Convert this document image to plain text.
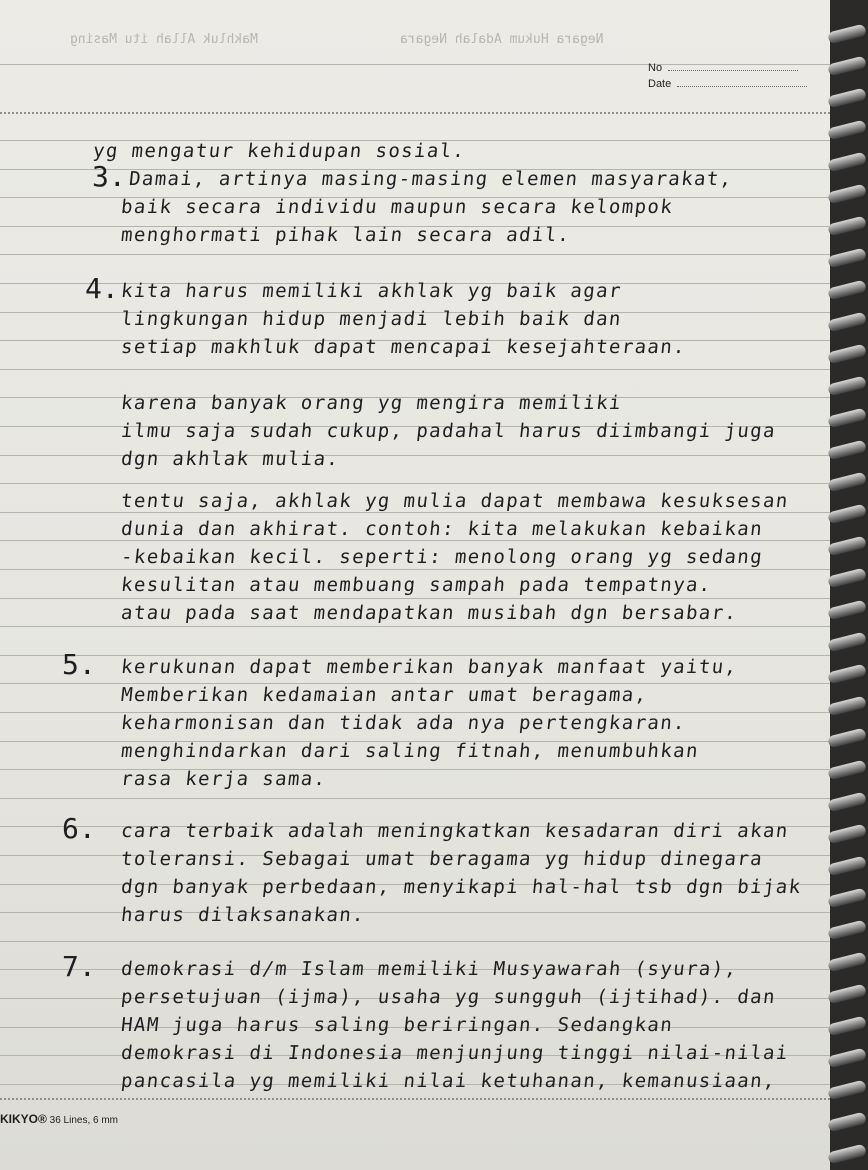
Negara Hukum Adalah Negara
Makhluk Allah itu Masing
No
Date
yg mengatur kehidupan sosial.
3. Damai, artinya masing-masing elemen masyarakat,
baik secara individu maupun secara kelompok
menghormati pihak lain secara adil.
4. kita harus memiliki akhlak yg baik agar
lingkungan hidup menjadi lebih baik dan
setiap makhluk dapat mencapai kesejahteraan.
karena banyak orang yg mengira memiliki
ilmu saja sudah cukup, padahal harus diimbangi juga
dgn akhlak mulia.
tentu saja, akhlak yg mulia dapat membawa kesuksesan
dunia dan akhirat. contoh: kita melakukan kebaikan
-kebaikan kecil. seperti: menolong orang yg sedang
kesulitan atau membuang sampah pada tempatnya.
atau pada saat mendapatkan musibah dgn bersabar.
5. kerukunan dapat memberikan banyak manfaat yaitu,
Memberikan kedamaian antar umat beragama,
keharmonisan dan tidak ada nya pertengkaran.
menghindarkan dari saling fitnah, menumbuhkan
rasa kerja sama.
6. cara terbaik adalah meningkatkan kesadaran diri akan
toleransi. Sebagai umat beragama yg hidup dinegara
dgn banyak perbedaan, menyikapi hal-hal tsb dgn bijak
harus dilaksanakan.
7. demokrasi d/m Islam memiliki Musyawarah (syura),
persetujuan (ijma), usaha yg sungguh (ijtihad). dan
HAM juga harus saling beriringan. Sedangkan
demokrasi di Indonesia menjunjung tinggi nilai-nilai
pancasila yg memiliki nilai ketuhanan, kemanusiaan,
KIKYO® 36 Lines, 6 mm
